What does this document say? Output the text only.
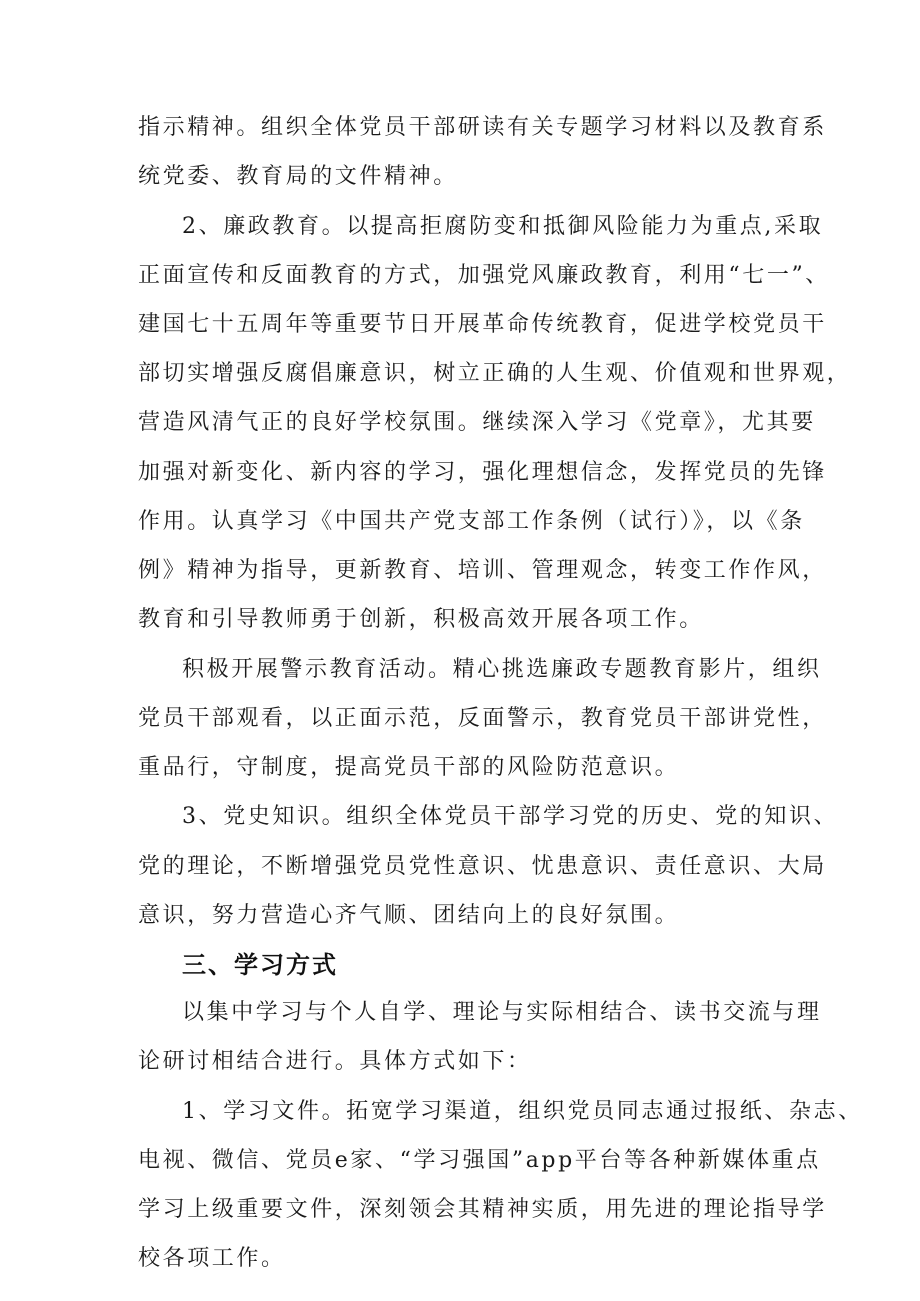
指示精神。组织全体党员干部研读有关专题学习材料以及教育系

统党委、教育局的文件精神。

2、廉政教育。以提高拒腐防变和抵御风险能力为重点,采取

正面宣传和反面教育的方式，加强党风廉政教育，利用“七一”、

建国七十五周年等重要节日开展革命传统教育，促进学校党员干

部切实增强反腐倡廉意识，树立正确的人生观、价值观和世界观，

营造风清气正的良好学校氛围。继续深入学习《党章》，尤其要

加强对新变化、新内容的学习，强化理想信念，发挥党员的先锋

作用。认真学习《中国共产党支部工作条例（试行）》，以《条

例》精神为指导，更新教育、培训、管理观念，转变工作作风，

教育和引导教师勇于创新，积极高效开展各项工作。

积极开展警示教育活动。精心挑选廉政专题教育影片，组织

党员干部观看，以正面示范，反面警示，教育党员干部讲党性，

重品行，守制度，提高党员干部的风险防范意识。

3、党史知识。组织全体党员干部学习党的历史、党的知识、

党的理论，不断增强党员党性意识、忧患意识、责任意识、大局

意识，努力营造心齐气顺、团结向上的良好氛围。

三、学习方式

以集中学习与个人自学、理论与实际相结合、读书交流与理

论研讨相结合进行。具体方式如下：

1、学习文件。拓宽学习渠道，组织党员同志通过报纸、杂志、

电视、微信、党员e家、“学习强国”app平台等各种新媒体重点

学习上级重要文件，深刻领会其精神实质，用先进的理论指导学

校各项工作。
